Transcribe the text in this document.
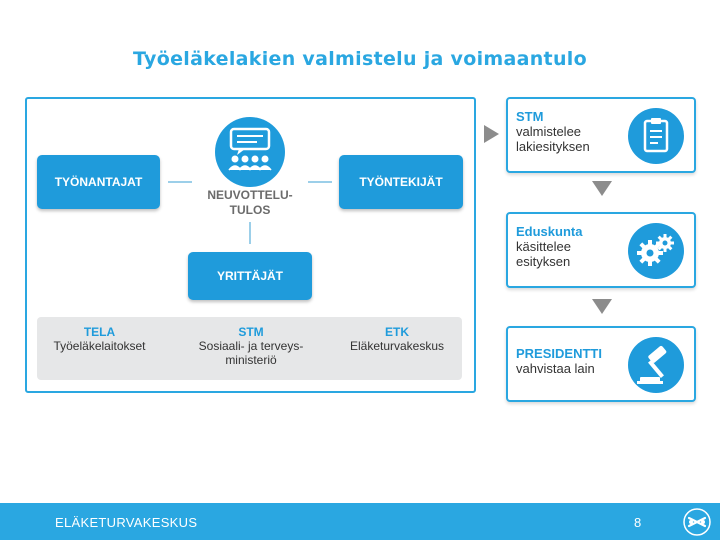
Työeläkelakien valmistelu ja voimaantulo
TYÖNANTAJAT	TYÖNTEKIJÄT
YRITTÄJÄT
NEUVOTTELU-
TULOS
TELA
Työeläkelaitokset
STM
Sosiaali- ja terveys-
ministeriö
ETK
Eläketurvakeskus
STM
valmistelee
lakiesityksen
Eduskunta
käsittelee
esityksen
PRESIDENTTI
vahvistaa lain
ELÄKETURVAKESKUS	8
